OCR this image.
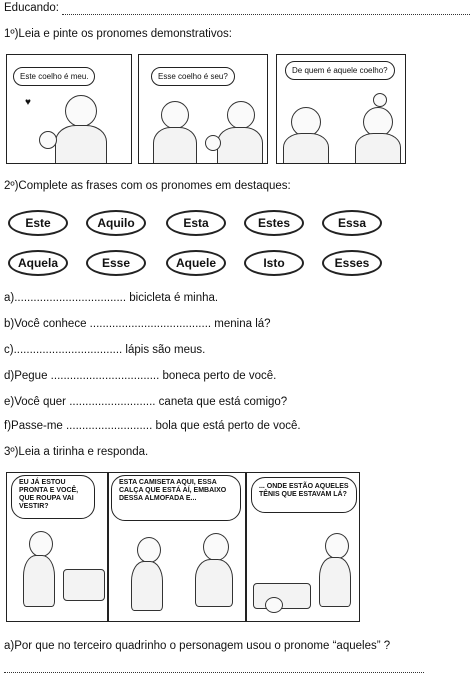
Educando:
1º)Leia e pinte os pronomes demonstrativos:
Este coelho é meu.
♥
Esse coelho é seu?
De quem é aquele coelho?
2º)Complete as frases com os pronomes em destaques:
Este	Aquilo	Esta	Estes	Essa
Aquela	Esse	Aquele	Isto	Esses
a)................................... bicicleta é minha.
b)Você conhece ...................................... menina lá?
c).................................. lápis são meus.
d)Pegue .................................. boneca perto de você.
e)Você quer ........................... caneta que está comigo?
f)Passe-me ........................... bola que está perto de você.
3º)Leia a tirinha e responda.
EU JÁ ESTOU PRONTA E VOCÊ, QUE ROUPA VAI VESTIR?
ESTA CAMISETA AQUI, ESSA CALÇA QUE ESTÁ AÍ, EMBAIXO DESSA ALMOFADA E...
... ONDE ESTÃO AQUELES TÊNIS QUE ESTAVAM LÁ?
a)Por que no terceiro quadrinho o personagem usou o pronome “aqueles” ?
